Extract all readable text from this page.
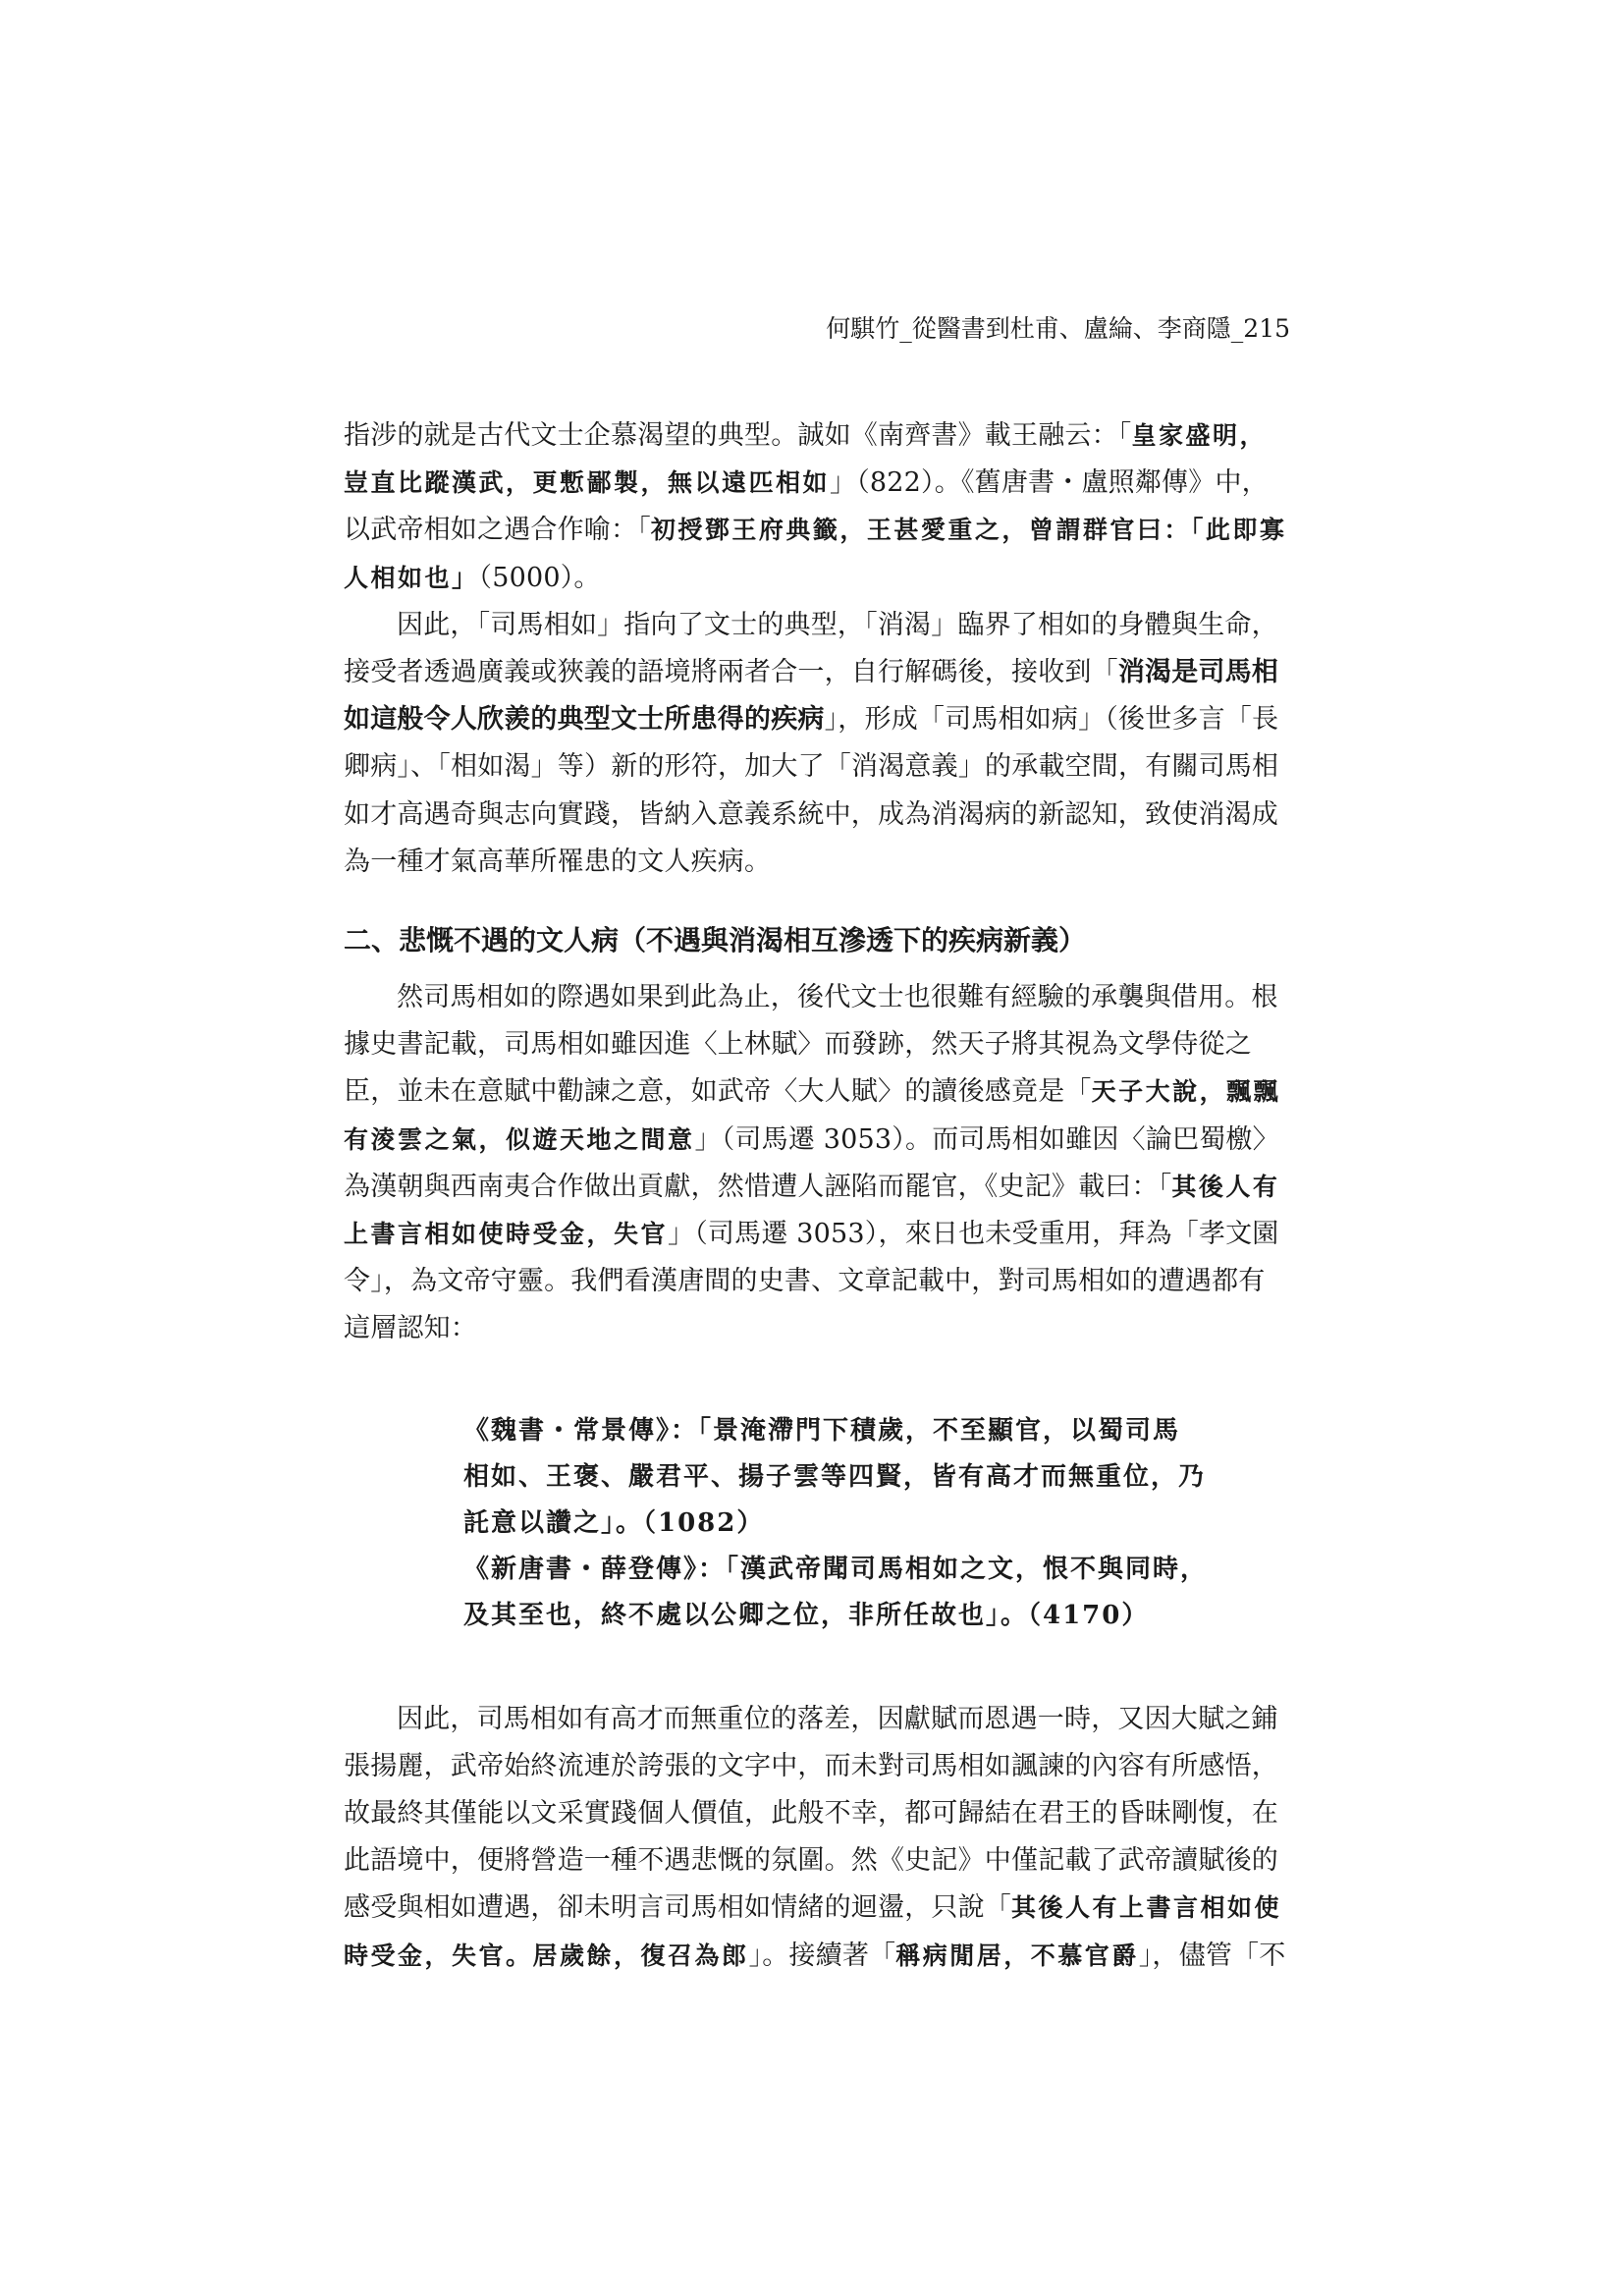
何騏竹_從醫書到杜甫、盧綸、李商隱_215

指涉的就是古代文士企慕渴望的典型。誠如《南齊書》載王融云：「皇家盛明，豈直比蹤漢武，更慙鄙製，無以遠匹相如」（822）。《舊唐書・盧照鄰傳》中，以武帝相如之遇合作喻：「初授鄧王府典籤，王甚愛重之，曾謂群官曰：「此即寡人相如也」（5000）。

因此，「司馬相如」指向了文士的典型，「消渴」臨界了相如的身體與生命，接受者透過廣義或狹義的語境將兩者合一，自行解碼後，接收到「消渴是司馬相如這般令人欣羨的典型文士所患得的疾病」，形成「司馬相如病」（後世多言「長卿病」、「相如渴」等）新的形符，加大了「消渴意義」的承載空間，有關司馬相如才高遇奇與志向實踐，皆納入意義系統中，成為消渴病的新認知，致使消渴成為一種才氣高華所罹患的文人疾病。

二、悲慨不遇的文人病（不遇與消渴相互滲透下的疾病新義）

然司馬相如的際遇如果到此為止，後代文士也很難有經驗的承襲與借用。根據史書記載，司馬相如雖因進〈上林賦〉而發跡，然天子將其視為文學侍從之臣，並未在意賦中勸諫之意，如武帝〈大人賦〉的讀後感竟是「天子大說，飄飄有淩雲之氣，似遊天地之間意」（司馬遷 3053）。而司馬相如雖因〈論巴蜀檄〉為漢朝與西南夷合作做出貢獻，然惜遭人誣陷而罷官，《史記》載曰：「其後人有上書言相如使時受金，失官」（司馬遷 3053），來日也未受重用，拜為「孝文園令」，為文帝守靈。我們看漢唐間的史書、文章記載中，對司馬相如的遭遇都有這層認知：

《魏書・常景傳》：「景淹滯門下積歲，不至顯官，以蜀司馬

相如、王褒、嚴君平、揚子雲等四賢，皆有高才而無重位，乃

託意以讚之」。（1082）

《新唐書・薛登傳》：「漢武帝聞司馬相如之文，恨不與同時，

及其至也，終不處以公卿之位，非所任故也」。（4170）

因此，司馬相如有高才而無重位的落差，因獻賦而恩遇一時，又因大賦之鋪張揚麗，武帝始終流連於誇張的文字中，而未對司馬相如諷諫的內容有所感悟，故最終其僅能以文采實踐個人價值，此般不幸，都可歸結在君王的昏昧剛愎，在此語境中，便將營造一種不遇悲慨的氛圍。然《史記》中僅記載了武帝讀賦後的感受與相如遭遇，卻未明言司馬相如情緒的迴盪，只說「其後人有上書言相如使時受金，失官。居歲餘，復召為郎」。接續著「稱病閒居，不慕官爵」，儘管「不
